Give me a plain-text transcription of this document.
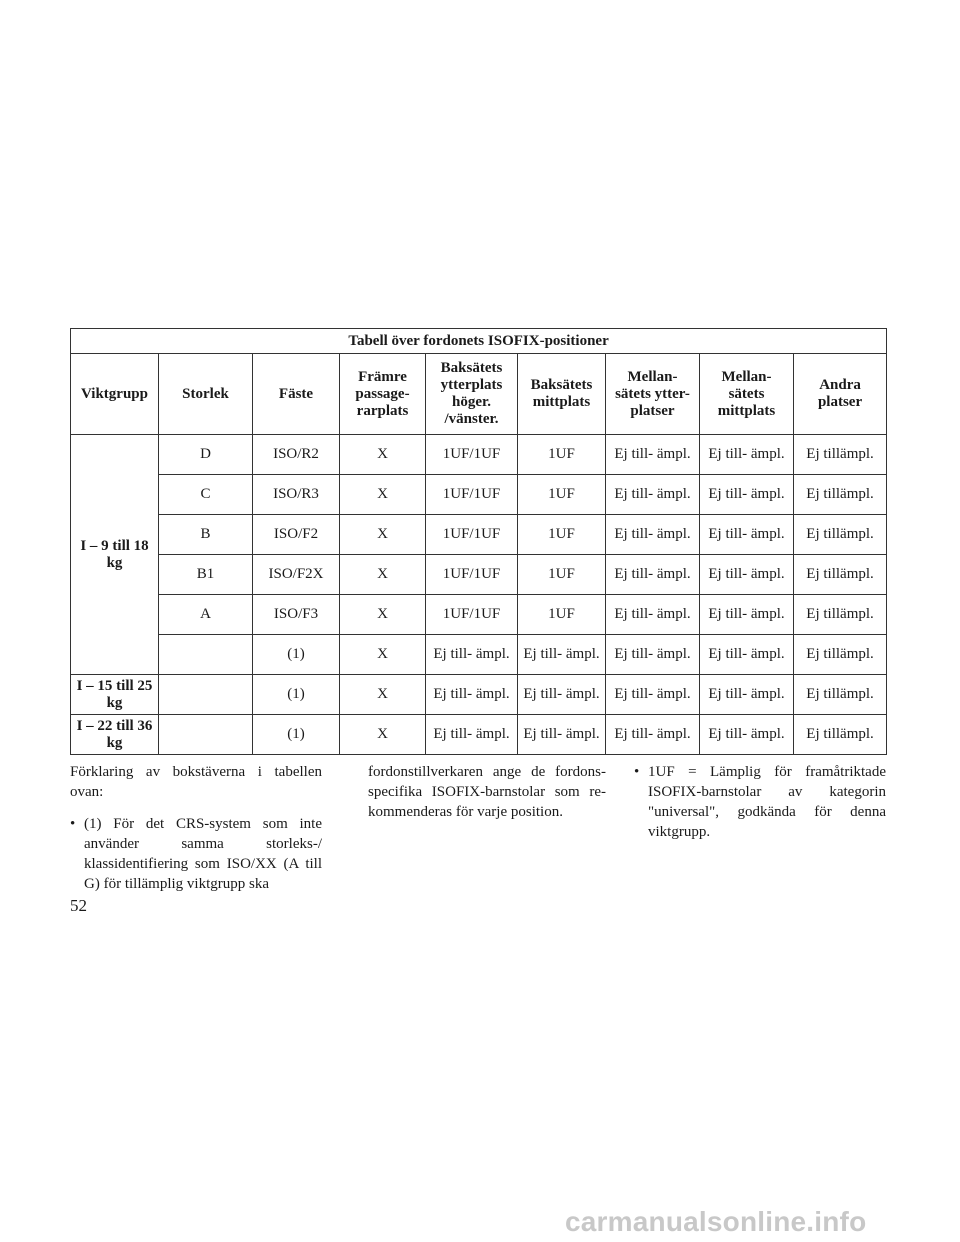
Tabell över fordonets ISOFIX-positioner								
Viktgrupp	Storlek	Fäste	Främre passage- rarplats	Baksätets ytterplats höger. /vänster.	Baksätets mittplats	Mellan- sätets ytter- platser	Mellan- sätets mittplats	Andra platser
I – 9 till 18 kg	D	ISO/R2	X	1UF/1UF	1UF	Ej till- ämpl.	Ej till- ämpl.	Ej tillämpl.
	C	ISO/R3	X	1UF/1UF	1UF	Ej till- ämpl.	Ej till- ämpl.	Ej tillämpl.
	B	ISO/F2	X	1UF/1UF	1UF	Ej till- ämpl.	Ej till- ämpl.	Ej tillämpl.
	B1	ISO/F2X	X	1UF/1UF	1UF	Ej till- ämpl.	Ej till- ämpl.	Ej tillämpl.
	A	ISO/F3	X	1UF/1UF	1UF	Ej till- ämpl.	Ej till- ämpl.	Ej tillämpl.
		(1)	X	Ej till- ämpl.	Ej till- ämpl.	Ej till- ämpl.	Ej till- ämpl.	Ej tillämpl.
I – 15 till 25 kg		(1)	X	Ej till- ämpl.	Ej till- ämpl.	Ej till- ämpl.	Ej till- ämpl.	Ej tillämpl.
I – 22 till 36 kg		(1)	X	Ej till- ämpl.	Ej till- ämpl.	Ej till- ämpl.	Ej till- ämpl.	Ej tillämpl.

Förklaring av bokstäverna i tabellen ovan:

• (1) För det CRS-system som inte använder samma storleks-/ klassidentifiering som ISO/XX (A till G) för tillämplig viktgrupp ska

fordonstillverkaren ange de fordons- specifika ISOFIX-barnstolar som re- kommenderas för varje position.

• 1UF = Lämplig för framåtriktade ISOFIX-barnstolar av kategorin "universal", godkända för denna viktgrupp.
52
carmanualsonline.info
